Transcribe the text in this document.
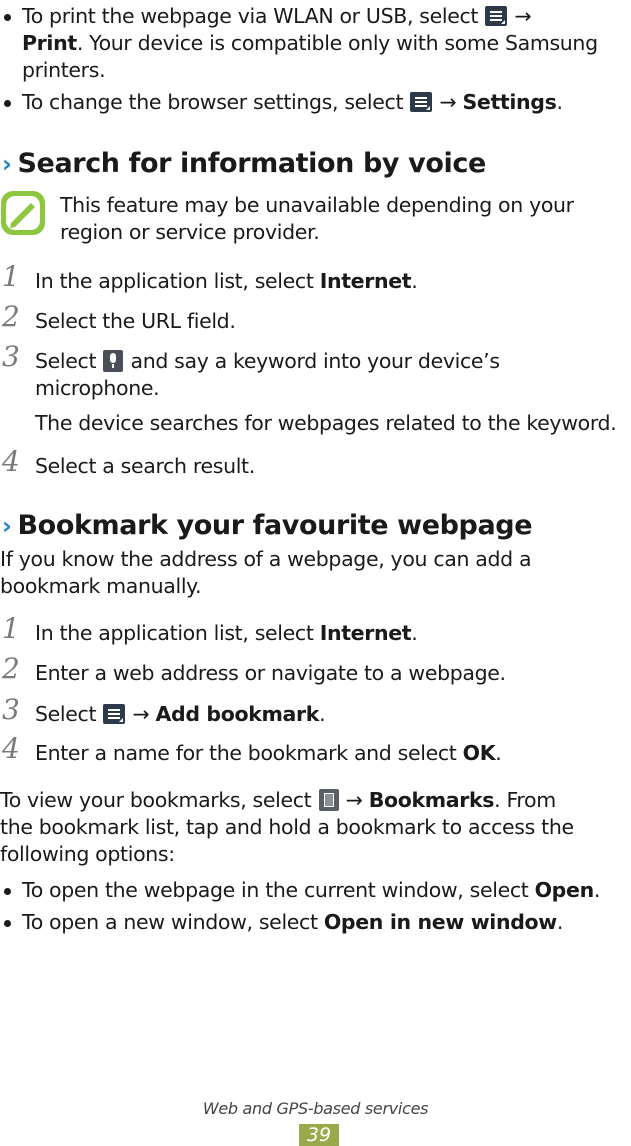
To print the webpage via WLAN or USB, select  →
Print. Your device is compatible only with some Samsung
printers.
To change the browser settings, select  → Settings.
› Search for information by voice
This feature may be unavailable depending on your
region or service provider.
1 In the application list, select Internet.
2 Select the URL field.
3 Select  and say a keyword into your device’s
microphone.
The device searches for webpages related to the keyword.
4 Select a search result.
› Bookmark your favourite webpage
If you know the address of a webpage, you can add a
bookmark manually.
1 In the application list, select Internet.
2 Enter a web address or navigate to a webpage.
3 Select  → Add bookmark.
4 Enter a name for the bookmark and select OK.
To view your bookmarks, select  → Bookmarks. From
the bookmark list, tap and hold a bookmark to access the
following options:
To open the webpage in the current window, select Open.
To open a new window, select Open in new window.
Web and GPS-based services
39
